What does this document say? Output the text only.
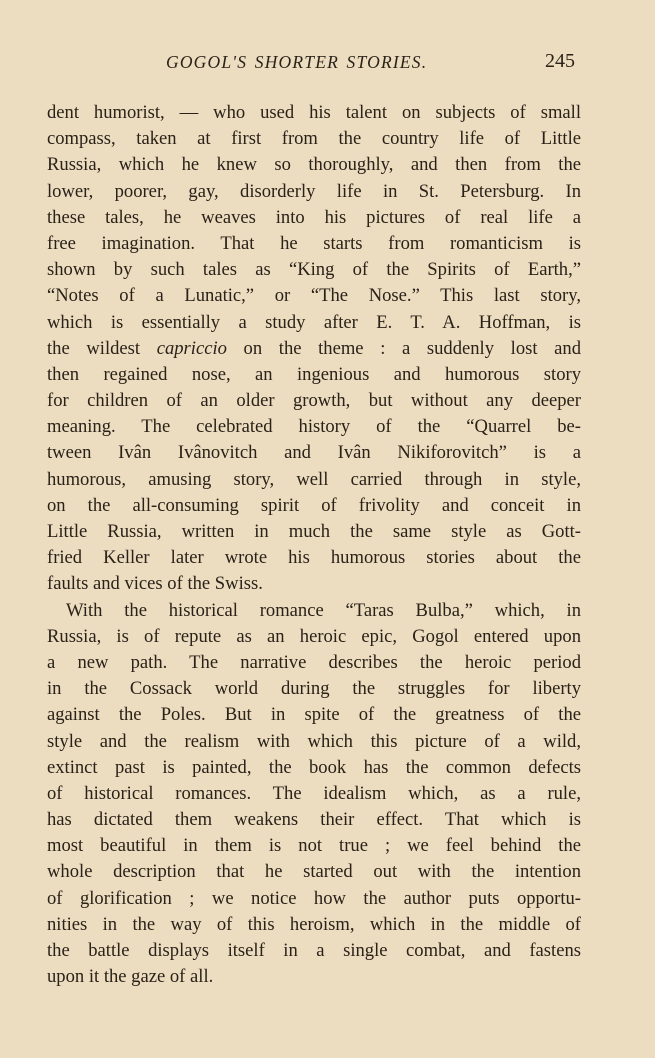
GOGOL'S SHORTER STORIES.	245
dent humorist, — who used his talent on subjects of small
compass, taken at first from the country life of Little
Russia, which he knew so thoroughly, and then from the
lower, poorer, gay, disorderly life in St. Petersburg. In
these tales, he weaves into his pictures of real life a
free imagination. That he starts from romanticism is
shown by such tales as “King of the Spirits of Earth,”
“Notes of a Lunatic,” or “The Nose.” This last story,
which is essentially a study after E. T. A. Hoffman, is
the wildest capriccio on the theme : a suddenly lost and
then regained nose, an ingenious and humorous story
for children of an older growth, but without any deeper
meaning. The celebrated history of the “Quarrel be-
tween Ivân Ivânovitch and Ivân Nikiforovitch” is a
humorous, amusing story, well carried through in style,
on the all-consuming spirit of frivolity and conceit in
Little Russia, written in much the same style as Gott-
fried Keller later wrote his humorous stories about the
faults and vices of the Swiss.
With the historical romance “Taras Bulba,” which, in
Russia, is of repute as an heroic epic, Gogol entered upon
a new path. The narrative describes the heroic period
in the Cossack world during the struggles for liberty
against the Poles. But in spite of the greatness of the
style and the realism with which this picture of a wild,
extinct past is painted, the book has the common defects
of historical romances. The idealism which, as a rule,
has dictated them weakens their effect. That which is
most beautiful in them is not true ; we feel behind the
whole description that he started out with the intention
of glorification ; we notice how the author puts opportu-
nities in the way of this heroism, which in the middle of
the battle displays itself in a single combat, and fastens
upon it the gaze of all.
